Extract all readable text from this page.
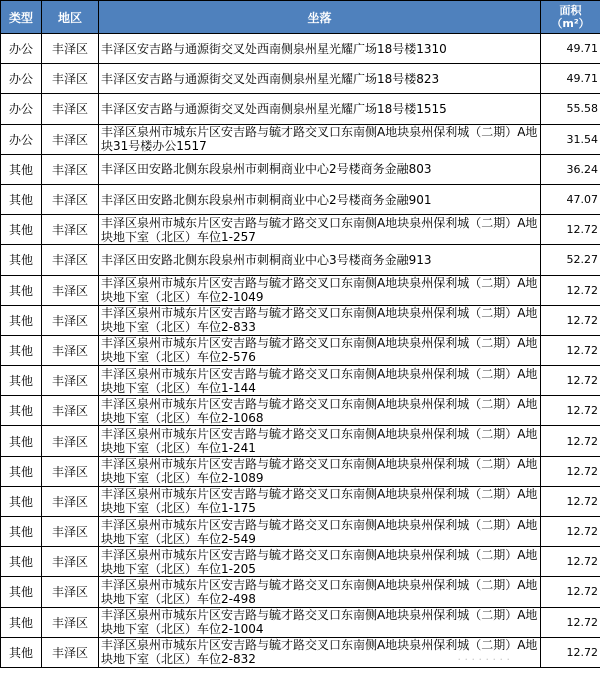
类型	地区	坐落	面积
（m²）
办公	丰泽区	丰泽区安吉路与通源街交叉处西南侧泉州星光耀广场18号楼1310	49.71
办公	丰泽区	丰泽区安吉路与通源街交叉处西南侧泉州星光耀广场18号楼823	49.71
办公	丰泽区	丰泽区安吉路与通源街交叉处西南侧泉州星光耀广场18号楼1515	55.58
办公	丰泽区	丰泽区泉州市城东片区安吉路与毓才路交叉口东南侧A地块泉州保利城（二期）A地块31号楼办公1517	31.54
其他	丰泽区	丰泽区田安路北侧东段泉州市刺桐商业中心2号楼商务金融803	36.24
其他	丰泽区	丰泽区田安路北侧东段泉州市刺桐商业中心2号楼商务金融901	47.07
其他	丰泽区	丰泽区泉州市城东片区安吉路与毓才路交叉口东南侧A地块泉州保利城（二期）A地块地下室（北区）车位1-257	12.72
其他	丰泽区	丰泽区田安路北侧东段泉州市刺桐商业中心3号楼商务金融913	52.27
其他	丰泽区	丰泽区泉州市城东片区安吉路与毓才路交叉口东南侧A地块泉州保利城（二期）A地块地下室（北区）车位2-1049	12.72
其他	丰泽区	丰泽区泉州市城东片区安吉路与毓才路交叉口东南侧A地块泉州保利城（二期）A地块地下室（北区）车位2-833	12.72
其他	丰泽区	丰泽区泉州市城东片区安吉路与毓才路交叉口东南侧A地块泉州保利城（二期）A地块地下室（北区）车位2-576	12.72
其他	丰泽区	丰泽区泉州市城东片区安吉路与毓才路交叉口东南侧A地块泉州保利城（二期）A地块地下室（北区）车位1-144	12.72
其他	丰泽区	丰泽区泉州市城东片区安吉路与毓才路交叉口东南侧A地块泉州保利城（二期）A地块地下室（北区）车位2-1068	12.72
其他	丰泽区	丰泽区泉州市城东片区安吉路与毓才路交叉口东南侧A地块泉州保利城（二期）A地块地下室（北区）车位1-241	12.72
其他	丰泽区	丰泽区泉州市城东片区安吉路与毓才路交叉口东南侧A地块泉州保利城（二期）A地块地下室（北区）车位2-1089	12.72
其他	丰泽区	丰泽区泉州市城东片区安吉路与毓才路交叉口东南侧A地块泉州保利城（二期）A地块地下室（北区）车位1-175	12.72
其他	丰泽区	丰泽区泉州市城东片区安吉路与毓才路交叉口东南侧A地块泉州保利城（二期）A地块地下室（北区）车位2-549	12.72
其他	丰泽区	丰泽区泉州市城东片区安吉路与毓才路交叉口东南侧A地块泉州保利城（二期）A地块地下室（北区）车位1-205	12.72
其他	丰泽区	丰泽区泉州市城东片区安吉路与毓才路交叉口东南侧A地块泉州保利城（二期）A地块地下室（北区）车位2-498	12.72
其他	丰泽区	丰泽区泉州市城东片区安吉路与毓才路交叉口东南侧A地块泉州保利城（二期）A地块地下室（北区）车位2-1004	12.72
其他	丰泽区	丰泽区泉州市城东片区安吉路与毓才路交叉口东南侧A地块泉州保利城（二期）A地块地下室（北区）车位2-832	12.72
· · · · · · · ·
